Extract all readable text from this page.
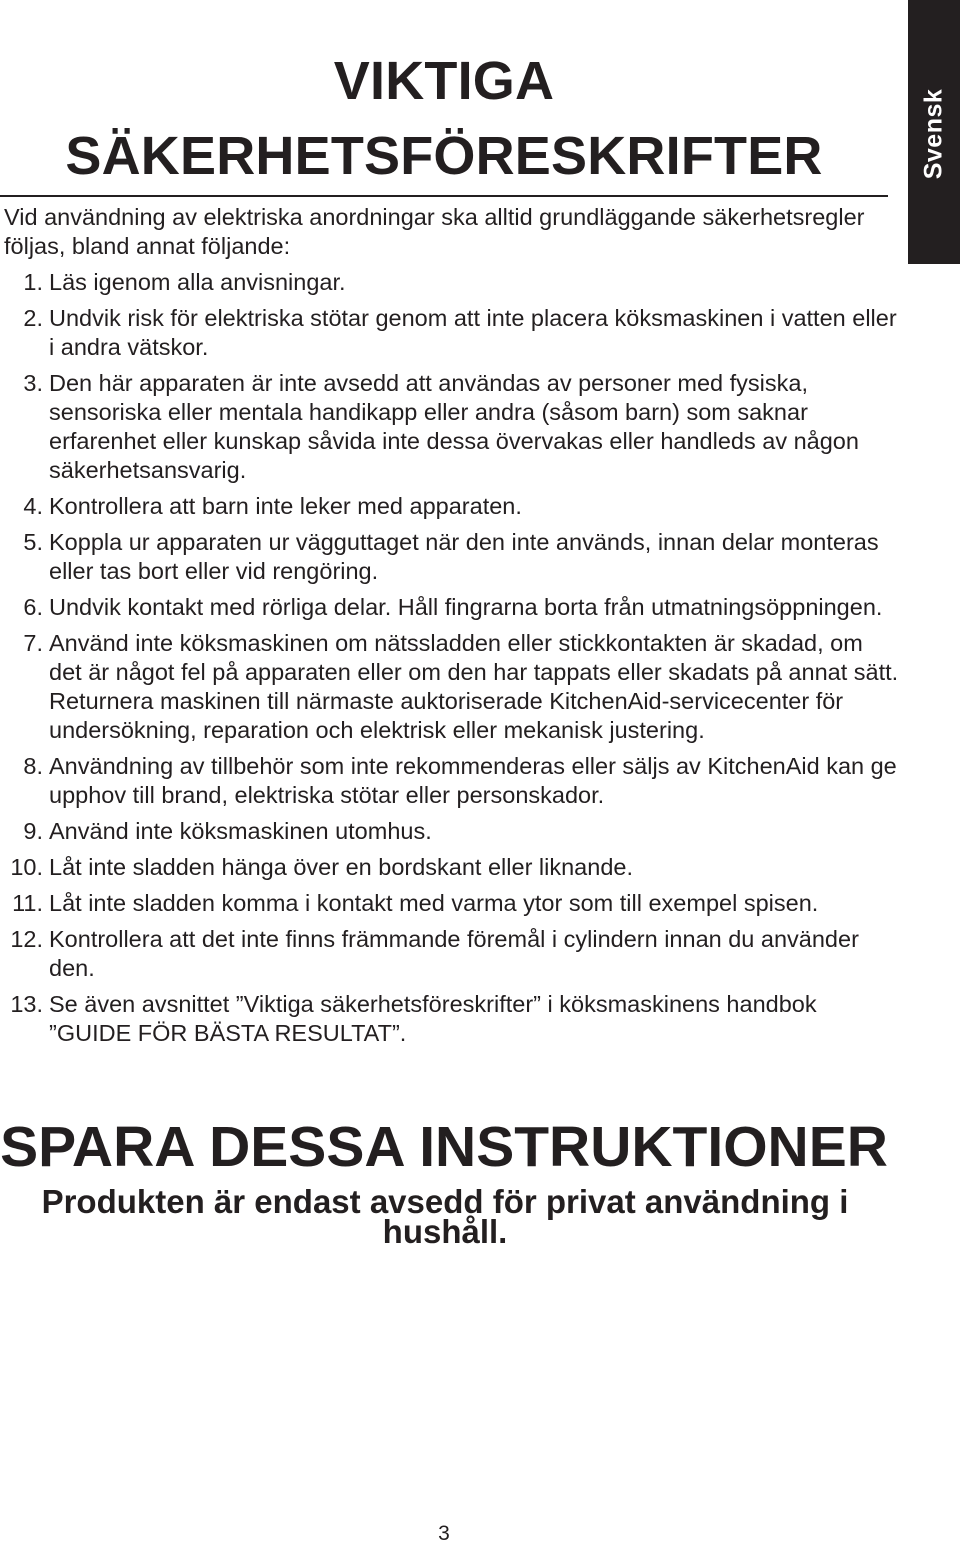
Svensk
VIKTIGA
SÄKERHETSFÖRESKRIFTER

Vid användning av elektriska anordningar ska alltid grundläggande säkerhetsregler följas, bland annat följande:

1. Läs igenom alla anvisningar.
2. Undvik risk för elektriska stötar genom att inte placera köksmaskinen i vatten eller i andra vätskor.
3. Den här apparaten är inte avsedd att användas av personer med fysiska, sensoriska eller mentala handikapp eller andra (såsom barn) som saknar erfarenhet eller kunskap såvida inte dessa övervakas eller handleds av någon säkerhetsansvarig.
4. Kontrollera att barn inte leker med apparaten.
5. Koppla ur apparaten ur vägguttaget när den inte används, innan delar monteras eller tas bort eller vid rengöring.
6. Undvik kontakt med rörliga delar. Håll fingrarna borta från utmatningsöppningen.
7. Använd inte köksmaskinen om nätssladden eller stickkontakten är skadad, om det är något fel på apparaten eller om den har tappats eller skadats på annat sätt. Returnera maskinen till närmaste auktoriserade KitchenAid-servicecenter för undersökning, reparation och elektrisk eller mekanisk justering.
8. Användning av tillbehör som inte rekommenderas eller säljs av KitchenAid kan ge upphov till brand, elektriska stötar eller personskador.
9. Använd inte köksmaskinen utomhus.
10. Låt inte sladden hänga över en bordskant eller liknande.
11. Låt inte sladden komma i kontakt med varma ytor som till exempel spisen.
12. Kontrollera att det inte finns främmande föremål i cylindern innan du använder den.
13. Se även avsnittet ”Viktiga säkerhetsföreskrifter” i köksmaskinens handbok ”GUIDE FÖR BÄSTA RESULTAT”.
SPARA DESSA INSTRUKTIONER
Produkten är endast avsedd för privat användning i hushåll.
3
